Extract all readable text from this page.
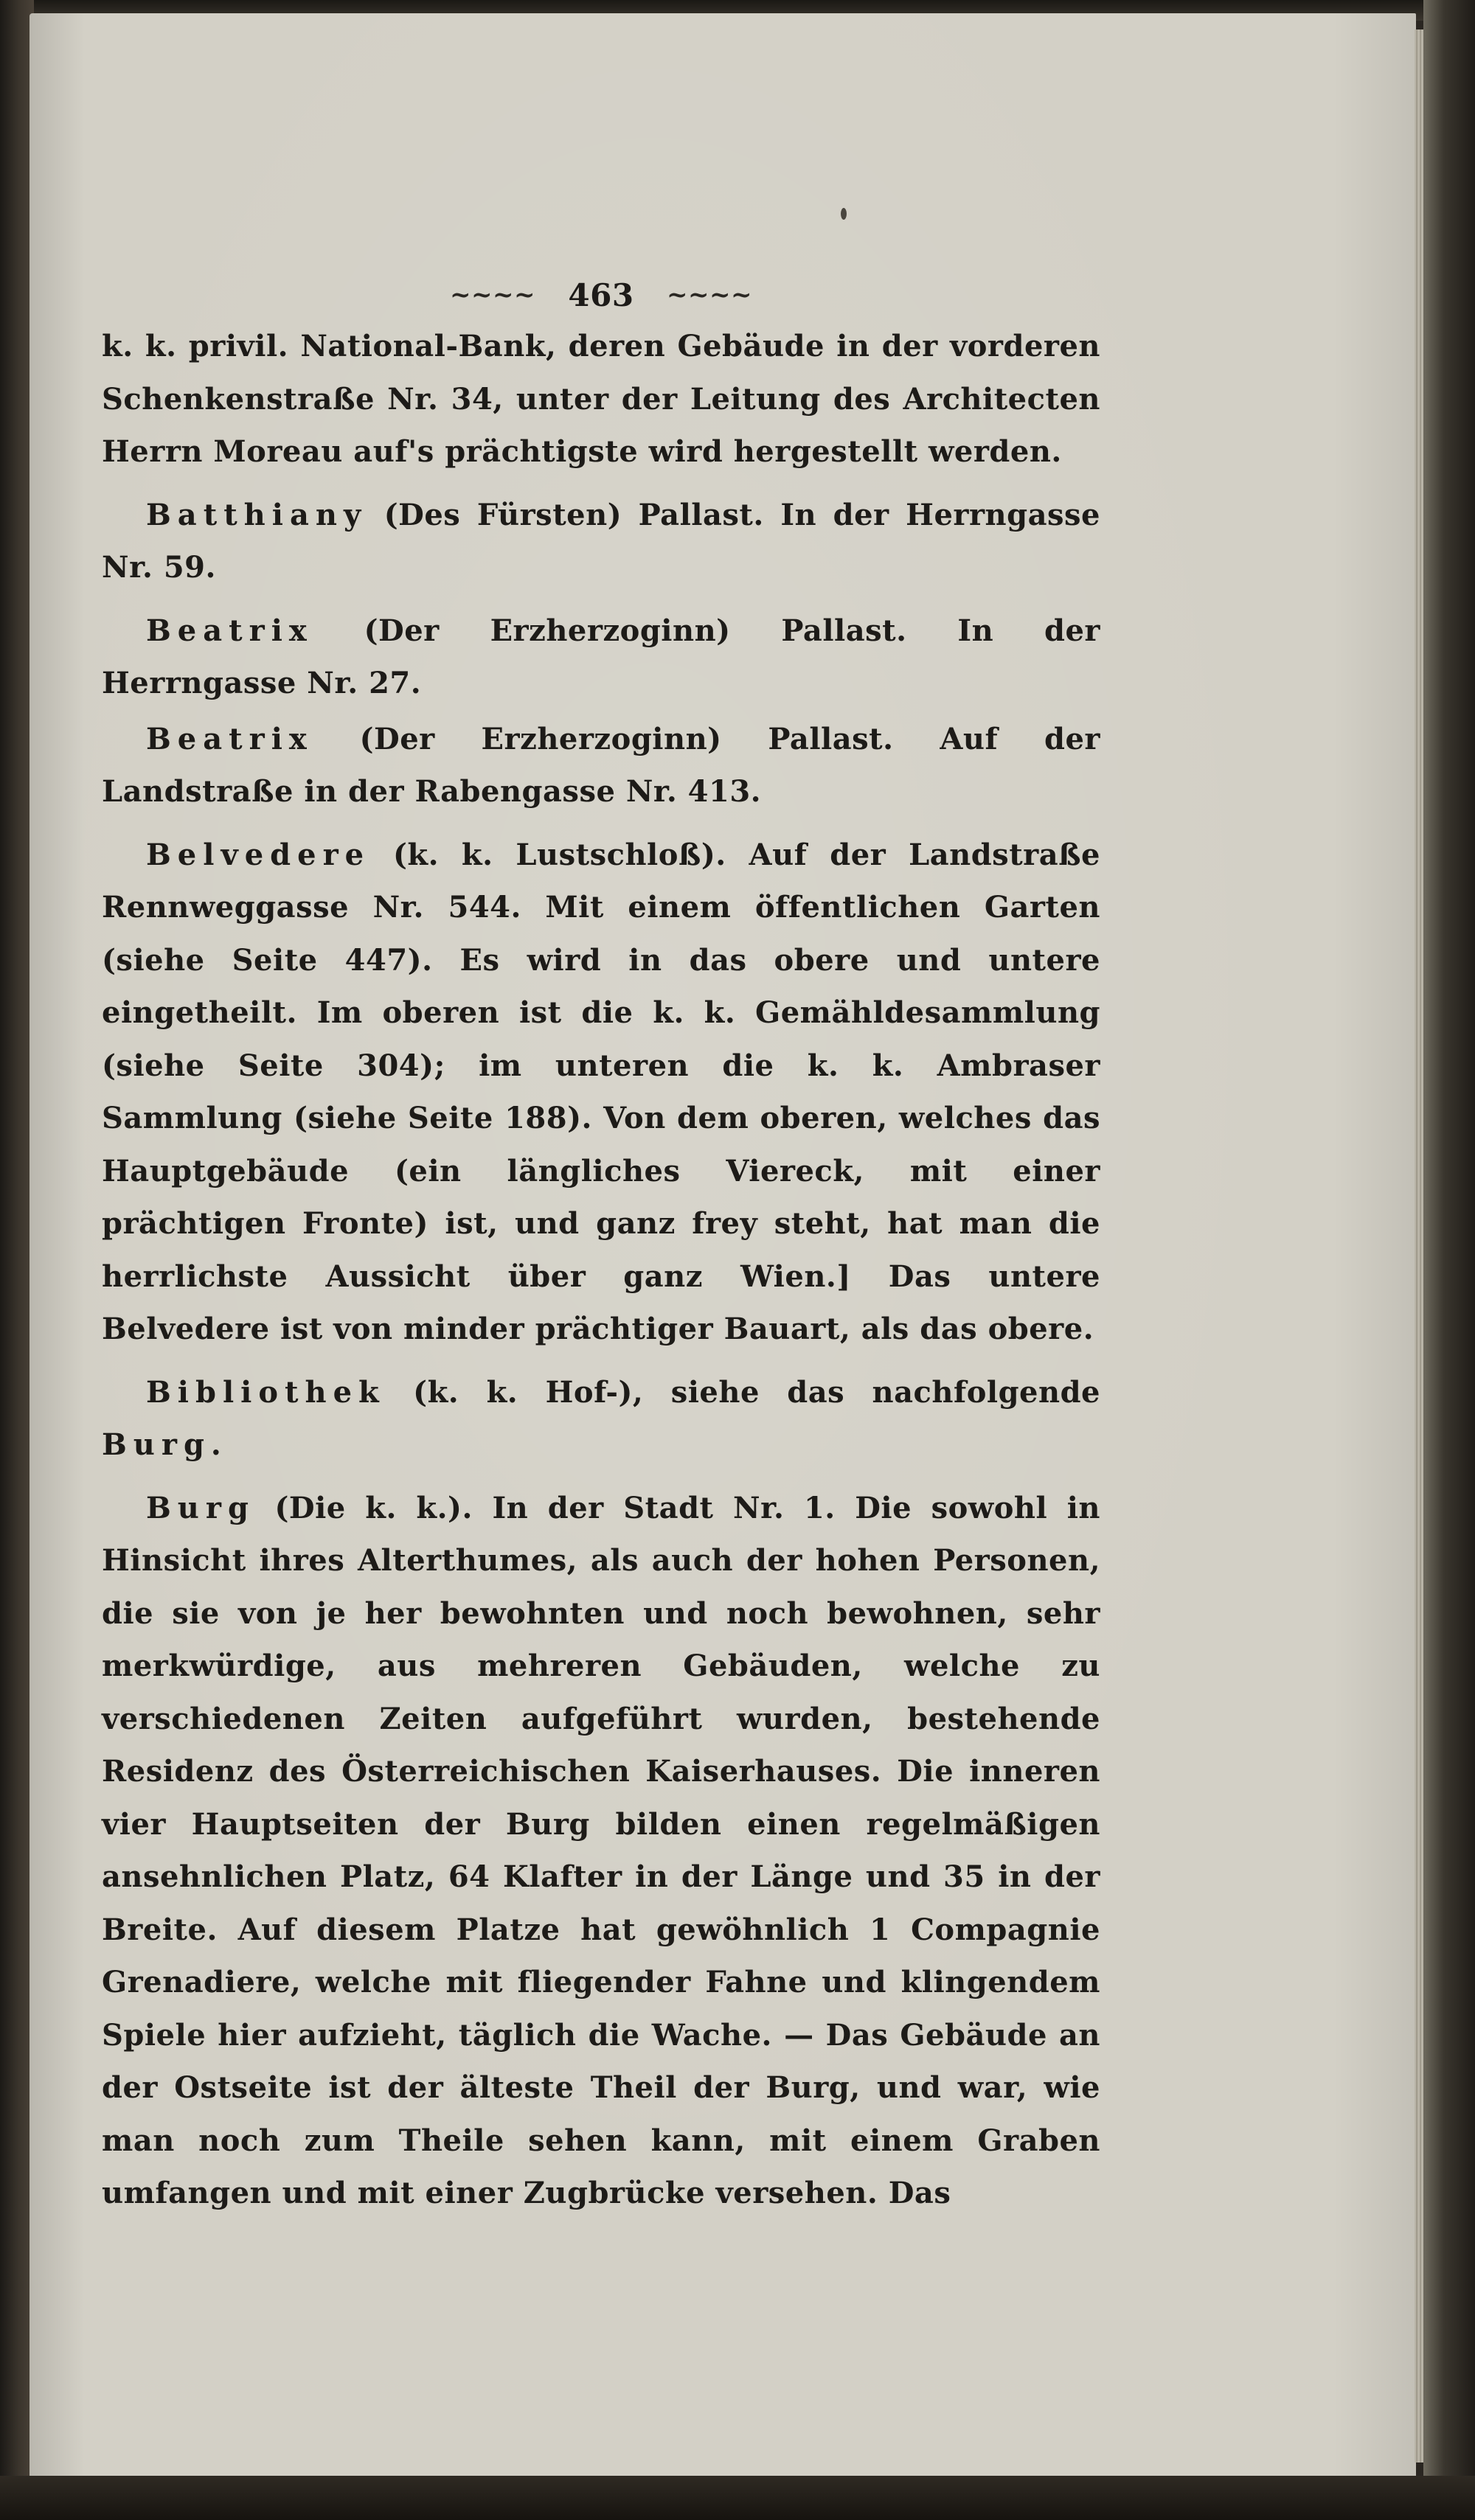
~~~~ 463 ~~~~

k. k. privil. National-Bank, deren Gebäude in der vorderen Schenkenstraße Nr. 34, unter der Leitung des Architecten Herrn Moreau auf's prächtigste wird hergestellt werden.

Batthiany (Des Fürsten) Pallast. In der Herrngasse Nr. 59.

Beatrix (Der Erzherzoginn) Pallast. In der Herrngasse Nr. 27.

Beatrix (Der Erzherzoginn) Pallast. Auf der Landstraße in der Rabengasse Nr. 413.

Belvedere (k. k. Lustschloß). Auf der Landstraße Rennweggasse Nr. 544. Mit einem öffentlichen Garten (siehe Seite 447). Es wird in das obere und untere eingetheilt. Im oberen ist die k. k. Gemähldesammlung (siehe Seite 304); im unteren die k. k. Ambraser Sammlung (siehe Seite 188). Von dem oberen, welches das Hauptgebäude (ein längliches Viereck, mit einer prächtigen Fronte) ist, und ganz frey steht, hat man die herrlichste Aussicht über ganz Wien.] Das untere Belvedere ist von minder prächtiger Bauart, als das obere.

Bibliothek (k. k. Hof-), siehe das nachfolgende Burg.

Burg (Die k. k.). In der Stadt Nr. 1. Die sowohl in Hinsicht ihres Alterthumes, als auch der hohen Personen, die sie von je her bewohnten und noch bewohnen, sehr merkwürdige, aus mehreren Gebäuden, welche zu verschiedenen Zeiten aufgeführt wurden, bestehende Residenz des Österreichischen Kaiserhauses. Die inneren vier Hauptseiten der Burg bilden einen regelmäßigen ansehnlichen Platz, 64 Klafter in der Länge und 35 in der Breite. Auf diesem Platze hat gewöhnlich 1 Compagnie Grenadiere, welche mit fliegender Fahne und klingendem Spiele hier aufzieht, täglich die Wache. — Das Gebäude an der Ostseite ist der älteste Theil der Burg, und war, wie man noch zum Theile sehen kann, mit einem Graben umfangen und mit einer Zugbrücke versehen. Das
